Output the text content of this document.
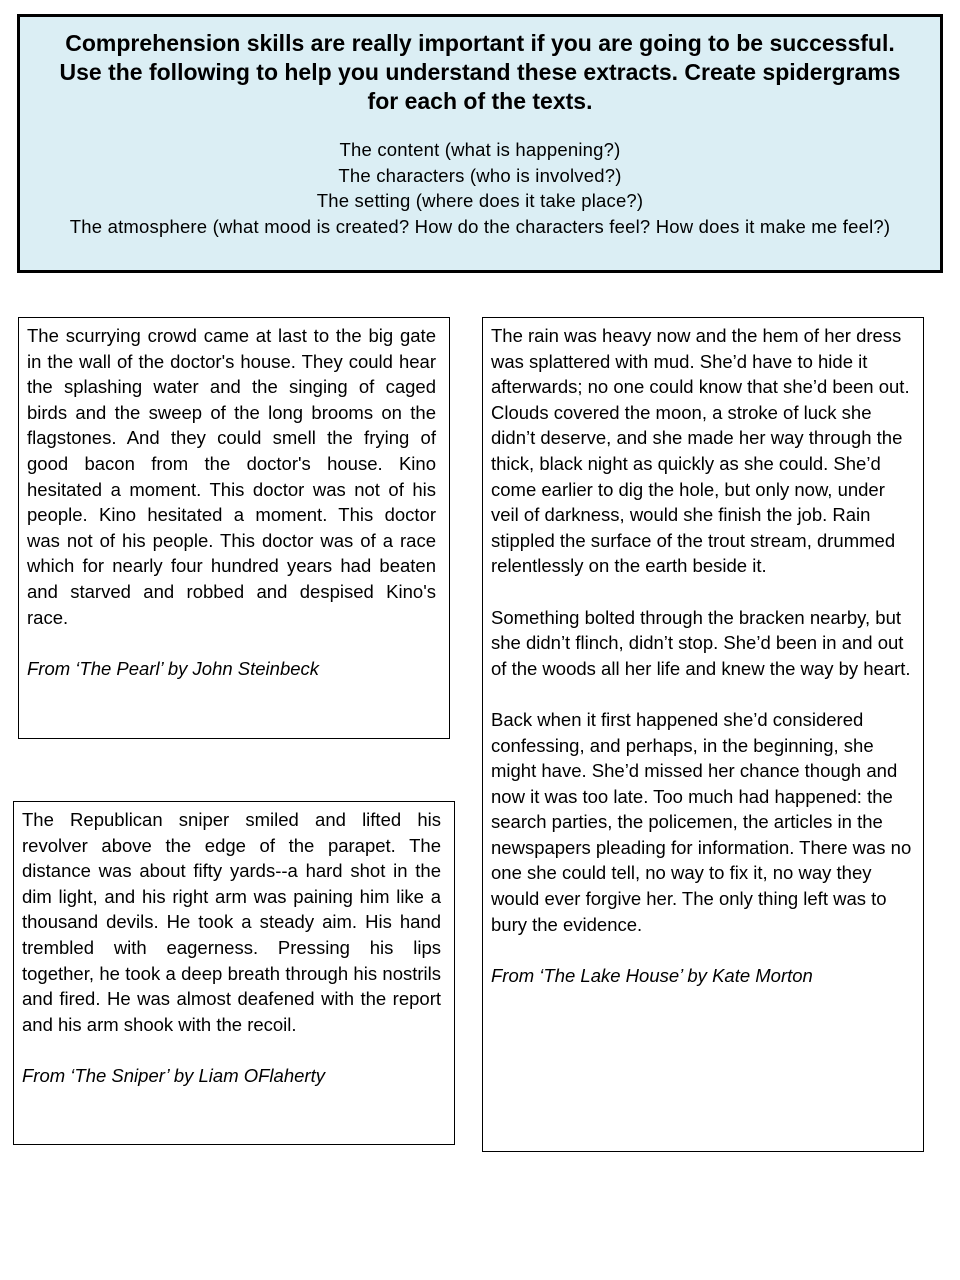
Comprehension skills are really important if you are going to be successful.
Use the following to help you understand these extracts. Create spidergrams
for each of the texts.
The content (what is happening?)
The characters (who is involved?)
The setting (where does it take place?)
The atmosphere (what mood is created? How do the characters feel? How does it make me feel?)

The scurrying crowd came at last to the big gate in the wall of the doctor's house. They could hear the splashing water and the singing of caged birds and the sweep of the long brooms on the flagstones. And they could smell the frying of good bacon from the doctor's house. Kino hesitated a moment. This doctor was not of his people. Kino hesitated a moment. This doctor was not of his people. This doctor was of a race which for nearly four hundred years had beaten and starved and robbed and despised Kino's race.

From ‘The Pearl’ by John Steinbeck

The Republican sniper smiled and lifted his revolver above the edge of the parapet. The distance was about fifty yards--a hard shot in the dim light, and his right arm was paining him like a thousand devils. He took a steady aim. His hand trembled with eagerness. Pressing his lips together, he took a deep breath through his nostrils and fired. He was almost deafened with the report and his arm shook with the recoil.

From ‘The Sniper’ by Liam OFlaherty

The rain was heavy now and the hem of her dress was splattered with mud. She’d have to hide it afterwards; no one could know that she’d been out.

Clouds covered the moon, a stroke of luck she didn’t deserve, and she made her way through the thick, black night as quickly as she could. She’d come earlier to dig the hole, but only now, under veil of darkness, would she finish the job. Rain stippled the surface of the trout stream, drummed relentlessly on the earth beside it.

Something bolted through the bracken nearby, but she didn’t flinch, didn’t stop. She’d been in and out of the woods all her life and knew the way by heart.

Back when it first happened she’d considered confessing, and perhaps, in the beginning, she might have. She’d missed her chance though and now it was too late. Too much had happened: the search parties, the policemen, the articles in the newspapers pleading for information. There was no one she could tell, no way to fix it, no way they would ever forgive her. The only thing left was to bury the evidence.

From ‘The Lake House’ by Kate Morton
